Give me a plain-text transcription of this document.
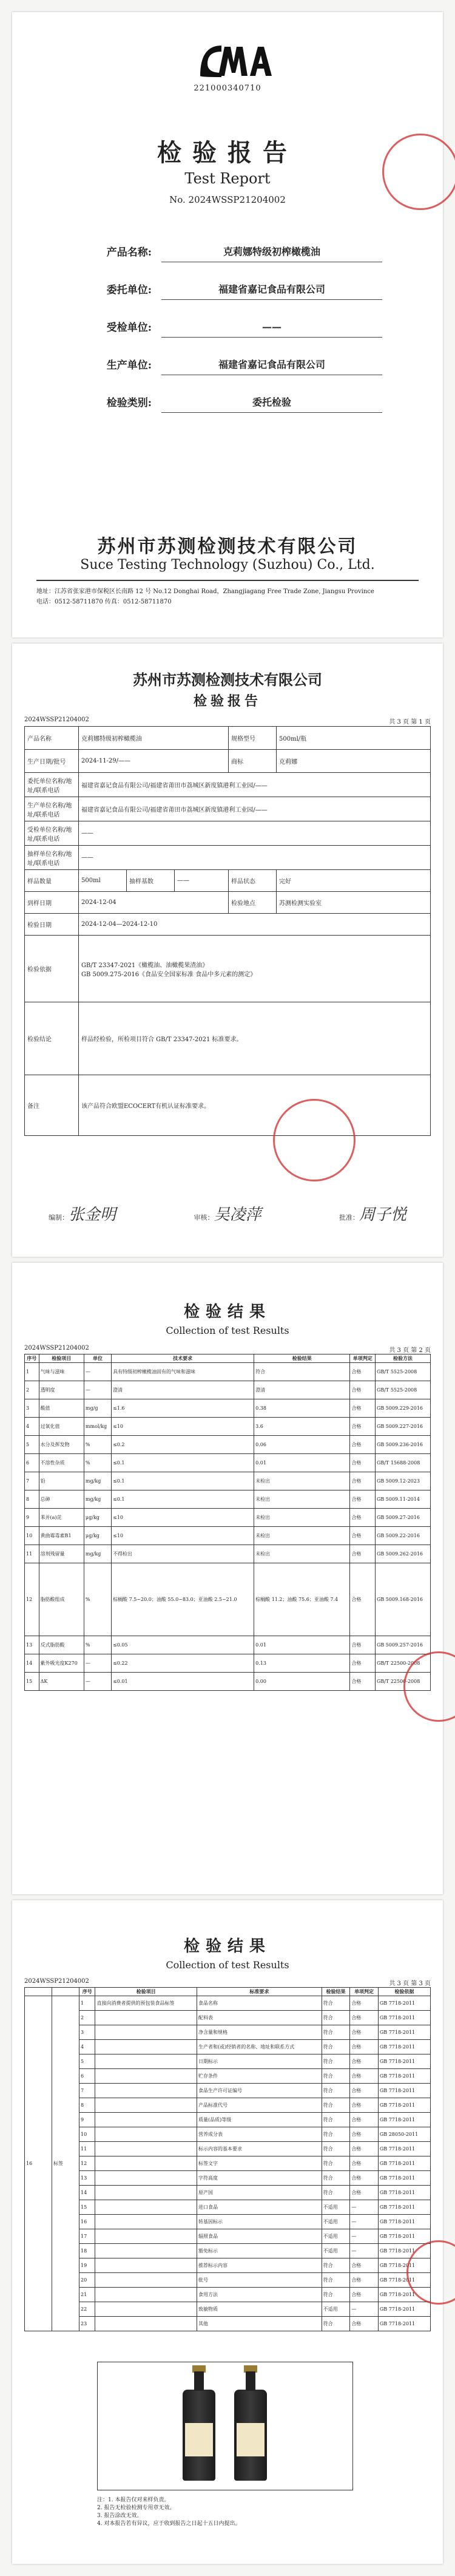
221000340710
检验报告
Test Report
No. 2024WSSP21204002
产品名称:	克莉娜特级初榨橄榄油
委托单位:	福建省嘉记食品有限公司
受检单位:	——
生产单位:	福建省嘉记食品有限公司
检验类别:	委托检验
苏州市苏测检测技术有限公司
Suce Testing Technology (Suzhou) Co., Ltd.
地址：江苏省张家港市保税区长南路 12 号 No.12 Donghai Road，Zhangjiagang Free Trade Zone, Jiangsu Province
电话：0512-58711870 传真：0512-58711870
苏州市苏测检测技术有限公司
检验报告
2024WSSP21204002	共 3 页 第 1 页
产品名称	克莉娜特级初榨橄榄油			规格型号	500ml/瓶
生产日期/批号	2024-11-29/——			商标	克莉娜
委托单位名称/地址/联系电话	福建省嘉记食品有限公司/福建省莆田市荔城区新度镇港利工业园/——				
生产单位名称/地址/联系电话	福建省嘉记食品有限公司/福建省莆田市荔城区新度镇港利工业园/——				
受检单位名称/地址/联系电话	——				
抽样单位名称/地址/联系电话	——				
样品数量	500ml	抽样基数	——	样品状态	完好
到样日期	2024-12-04			检验地点	苏测检测实验室
检验日期	2024-12-04—2024-12-10				
检验依据	GB/T 23347-2021《橄榄油、油橄榄果渣油》
GB 5009.275-2016《食品安全国家标准 食品中多元素的测定》				
检验结论	样品经检验，所检项目符合 GB/T 23347-2021 标准要求。				
备注	该产品符合欧盟ECOCERT有机认证标准要求。				
编制：张金明	审核：吴凌萍	批准：周子悦
检验结果
Collection of test Results
2024WSSP21204002	共 3 页 第 2 页
序号	检验项目	单位	技术要求	检验结果	单项判定	检验方法
1	气味与滋味	—	具有特级初榨橄榄油固有的气味和滋味	符合	合格	GB/T 5525-2008
2	透明度	—	澄清	澄清	合格	GB/T 5525-2008
3	酸值	mg/g	≤1.6	0.38	合格	GB 5009.229-2016
4	过氧化值	mmol/kg	≤10	3.6	合格	GB 5009.227-2016
5	水分及挥发物	%	≤0.2	0.06	合格	GB 5009.236-2016
6	不溶性杂质	%	≤0.1	0.01	合格	GB/T 15688-2008
7	铅	mg/kg	≤0.1	未检出	合格	GB 5009.12-2023
8	总砷	mg/kg	≤0.1	未检出	合格	GB 5009.11-2014
9	苯并(a)芘	μg/kg	≤10	未检出	合格	GB 5009.27-2016
10	黄曲霉毒素B1	μg/kg	≤10	未检出	合格	GB 5009.22-2016
11	溶剂残留量	mg/kg	不得检出	未检出	合格	GB 5009.262-2016
12	脂肪酸组成	%	棕榈酸 7.5~20.0；油酸 55.0~83.0；亚油酸 2.5~21.0	棕榈酸 11.2；油酸 75.6；亚油酸 7.4	合格	GB 5009.168-2016
13	反式脂肪酸	%	≤0.05	0.01	合格	GB 5009.257-2016
14	紫外吸光度K270	—	≤0.22	0.13	合格	GB/T 22500-2008
15	ΔK	—	≤0.01	0.00	合格	GB/T 22500-2008
检验结果
Collection of test Results
2024WSSP21204002	共 3 页 第 3 页
		序号	检验项目	标准要求	检验结果	单项判定	检验依据
16	标签	1	直接向消费者提供的预包装食品标签	食品名称	符合	合格	GB 7718-2011
		2		配料表	符合	合格	GB 7718-2011
		3		净含量和规格	符合	合格	GB 7718-2011
		4		生产者和(或)经销者的名称、地址和联系方式	符合	合格	GB 7718-2011
		5		日期标示	符合	合格	GB 7718-2011
		6		贮存条件	符合	合格	GB 7718-2011
		7		食品生产许可证编号	符合	合格	GB 7718-2011
		8		产品标准代号	符合	合格	GB 7718-2011
		9		质量(品质)等级	符合	合格	GB 7718-2011
		10		营养成分表	符合	合格	GB 28050-2011
		11		标示内容的基本要求	符合	合格	GB 7718-2011
		12		标签文字	符合	合格	GB 7718-2011
		13		字符高度	符合	合格	GB 7718-2011
		14		原产国	符合	合格	GB 7718-2011
		15		进口食品	不适用	—	GB 7718-2011
		16		转基因标示	不适用	—	GB 7718-2011
		17		辐照食品	不适用	—	GB 7718-2011
		18		豁免标示	不适用	—	GB 7718-2011
		19		推荐标示内容	符合	合格	GB 7718-2011
		20		批号	符合	合格	GB 7718-2011
		21		食用方法	符合	合格	GB 7718-2011
		22		致敏物质	不适用	—	GB 7718-2011
		23		其他	符合	合格	GB 7718-2011
注：1. 本报告仅对来样负责。
2. 报告无检验检测专用章无效。
3. 报告涂改无效。
4. 对本报告若有异议，应于收到报告之日起十五日内提出。
